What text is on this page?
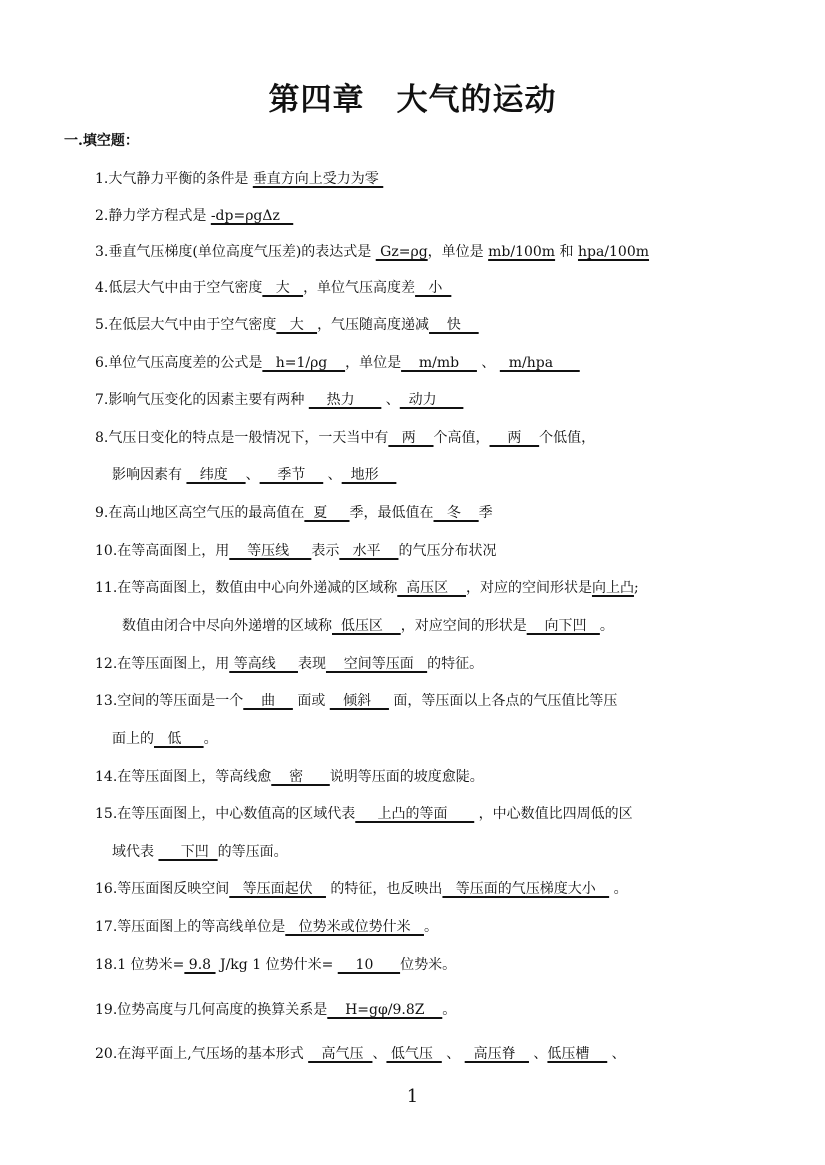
第四章　大气的运动
一.填空题：
1.大气静力平衡的条件是 垂直方向上受力为零
2.静力学方程式是 -dp=ρgΔz
3.垂直气压梯度(单位高度气压差)的表达式是  Gz=ρg，单位是 mb/100m 和 hpa/100m
4.低层大气中由于空气密度   大   ，单位气压高度差   小
5.在低层大气中由于空气密度   大   ，气压随高度递减    快
6.单位气压高度差的公式是   h=1/ρg    ，单位是    m/mb     、   m/hpa
7.影响气压变化的因素主要有两种     热力       、  动力
8.气压日变化的特点是一般情况下，一天当中有   两    个高值，    两    个低值，
影响因素有    纬度    、    季节     、  地形
9.在高山地区高空气压的最高值在  夏     季，最低值在   冬    季
10.在等高面图上，用    等压线     表示   水平    的气压分布状况
11.在等高面图上，数值由中心向外递减的区域称  高压区    ，对应的空间形状是向上凸;
数值由闭合中尽向外递增的区域称  低压区    ，对应空间的形状是    向下凹   。
12.在等压面图上，用 等高线     表现    空间等压面   的特征。
13.空间的等压面是一个    曲     面或    倾斜     面，等压面以上各点的气压值比等压
面上的   低     。
14.在等压面图上，等高线愈    密      说明等压面的坡度愈陡。
15.在等压面图上，中心数值高的区域代表     上凸的等面       ，中心数值比四周低的区
域代表      下凹  的等压面。
16.等压面图反映空间   等压面起伏    的特征，也反映出   等压面的气压梯度大小    。
17.等压面图上的等高线单位是   位势米或位势什米   。
18.1 位势米= 9.8  J/kg 1 位势什米=     10      位势米。
19.位势高度与几何高度的换算关系是    H=gφ/9.8Z    。
20.在海平面上,气压场的基本形式    高气压  、 低气压   、   高压脊    、低压槽     、
1
